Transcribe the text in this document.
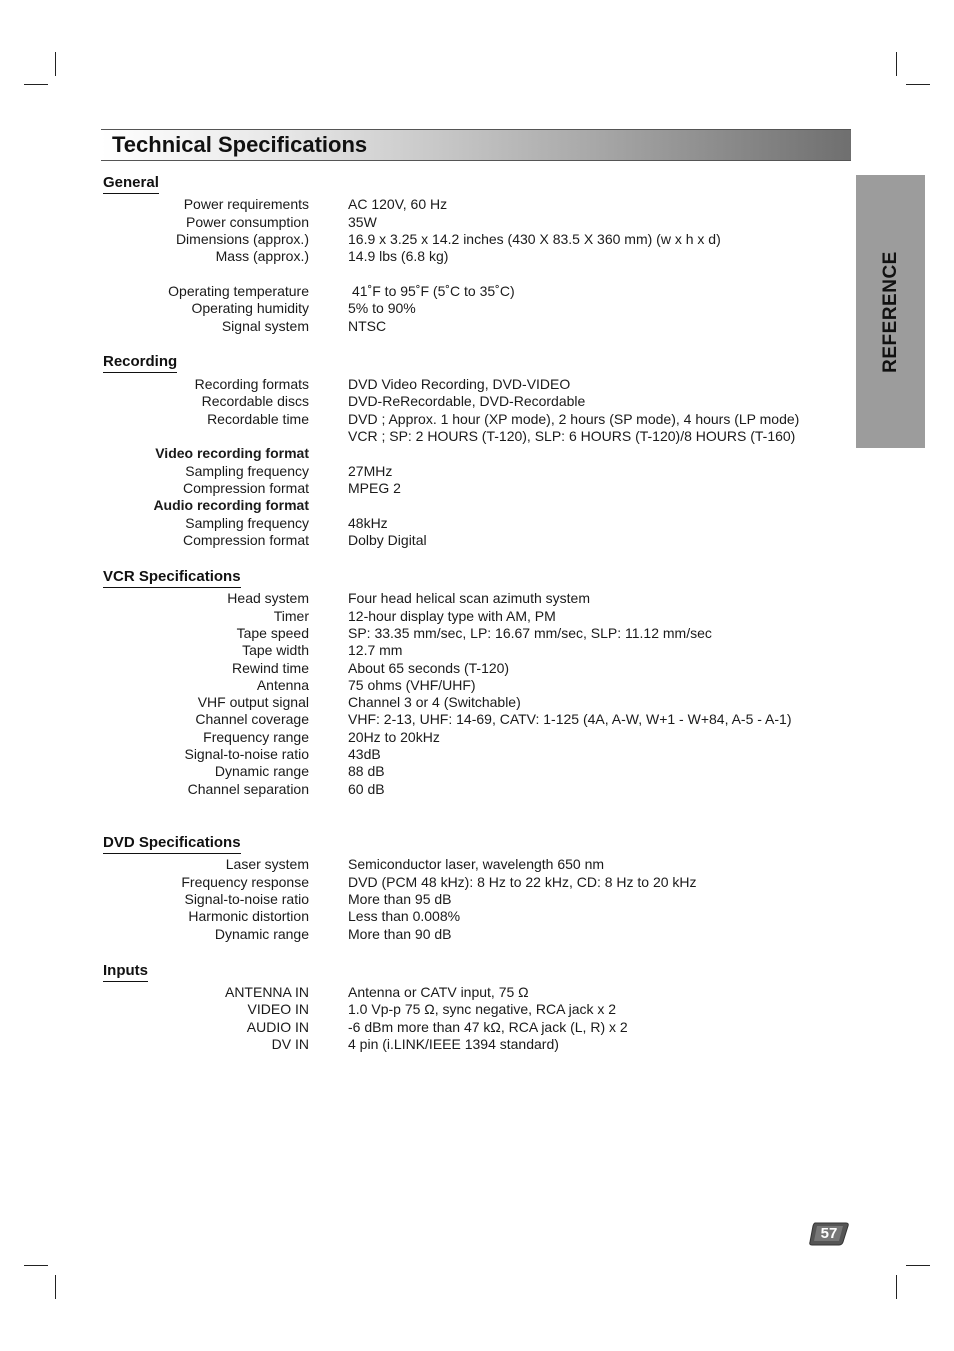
Technical Specifications
REFERENCE
General
Power requirements	AC 120V, 60 Hz
Power consumption	35W
Dimensions (approx.)	16.9 x 3.25 x 14.2 inches (430 X 83.5 X 360 mm) (w x h x d)
Mass (approx.)	14.9 lbs (6.8 kg)
Operating temperature	41˚F to 95˚F (5˚C to 35˚C)
Operating humidity	5% to 90%
Signal system	NTSC
Recording
Recording formats	DVD Video Recording, DVD-VIDEO
Recordable discs	DVD-ReRecordable, DVD-Recordable
Recordable time	DVD ; Approx. 1 hour (XP mode), 2 hours (SP mode), 4 hours (LP mode)
VCR ; SP: 2 HOURS (T-120), SLP: 6 HOURS (T-120)/8 HOURS (T-160)
Video recording format
Sampling frequency	27MHz
Compression format	MPEG 2
Audio recording format
Sampling frequency	48kHz
Compression format	Dolby Digital
VCR Specifications
Head system	Four head helical scan azimuth system
Timer	12-hour display type with AM, PM
Tape speed	SP: 33.35 mm/sec, LP: 16.67 mm/sec, SLP: 11.12 mm/sec
Tape width	12.7 mm
Rewind time	About 65 seconds (T-120)
Antenna	75 ohms (VHF/UHF)
VHF output signal	Channel 3 or 4 (Switchable)
Channel coverage	VHF: 2-13, UHF: 14-69, CATV: 1-125 (4A, A-W, W+1 - W+84, A-5 - A-1)
Frequency range	20Hz to 20kHz
Signal-to-noise ratio	43dB
Dynamic range	88 dB
Channel separation	60 dB
DVD Specifications
Laser system	Semiconductor laser, wavelength 650 nm
Frequency response	DVD (PCM 48 kHz): 8 Hz to 22 kHz, CD: 8 Hz to 20 kHz
Signal-to-noise ratio	More than 95 dB
Harmonic distortion	Less than 0.008%
Dynamic range	More than 90 dB
Inputs
ANTENNA IN	Antenna or CATV input, 75 Ω
VIDEO IN	1.0 Vp-p 75 Ω, sync negative, RCA jack x 2
AUDIO IN	-6 dBm more than 47 kΩ, RCA jack (L, R) x 2
DV IN	4 pin (i.LINK/IEEE 1394 standard)
57
